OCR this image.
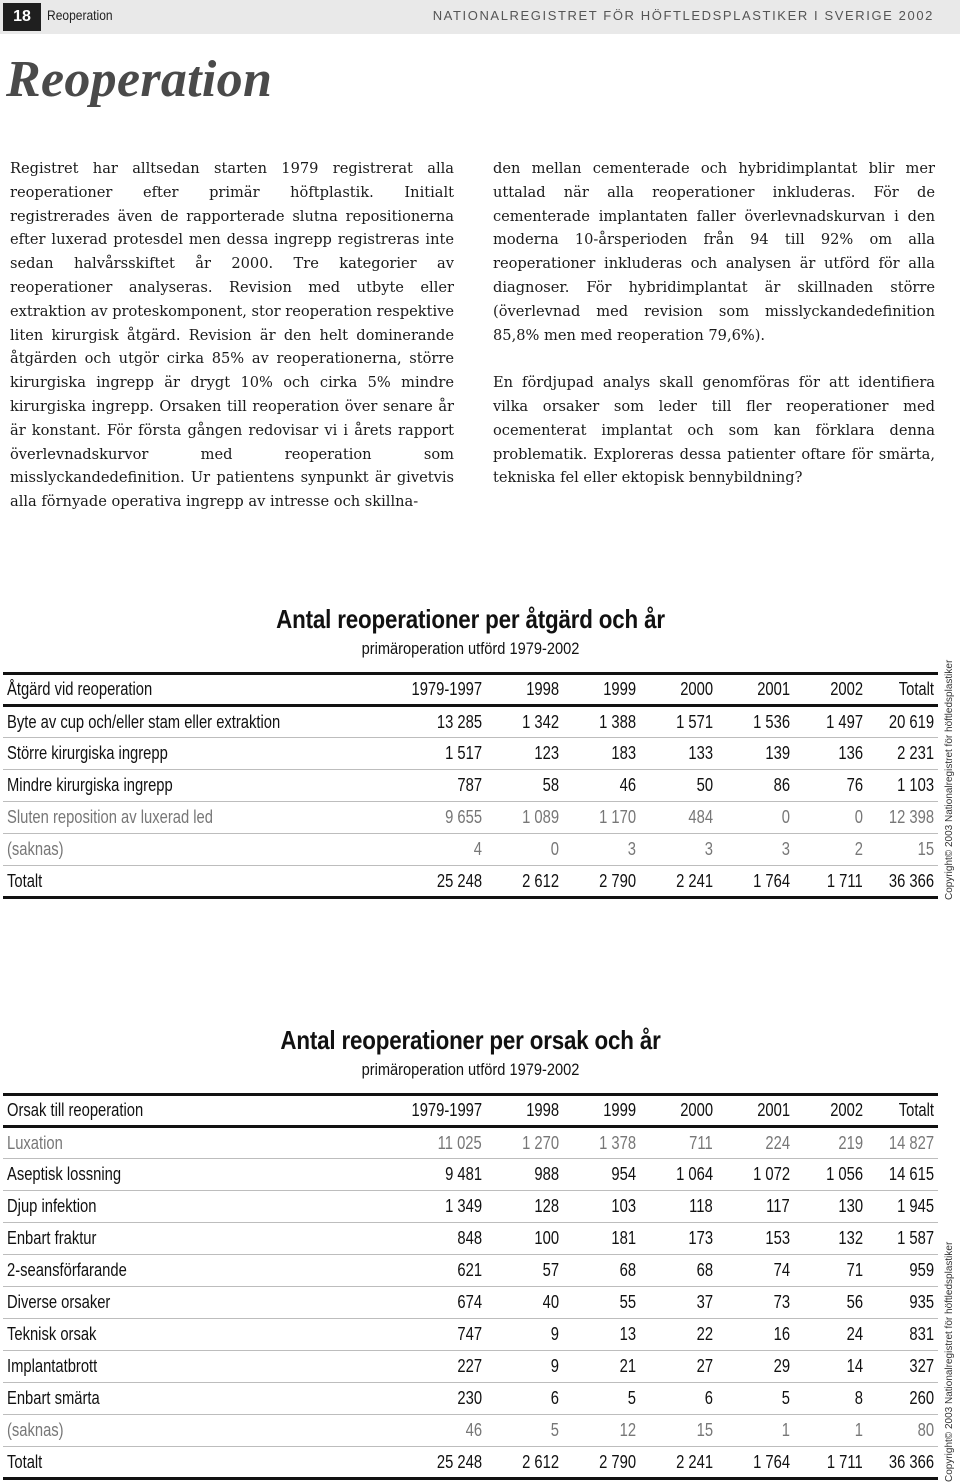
18	Reoperation	NATIONALREGISTRET FÖR HÖFTLEDSPLASTIKER I SVERIGE 2002
Reoperation

Registret har alltsedan starten 1979 registrerat alla reoperationer efter primär höftplastik. Initialt registrerades även de rapporterade slutna repositionerna efter luxerad protesdel men dessa ingrepp registreras inte sedan halvårsskiftet år 2000. Tre kategorier av reoperationer analyseras. Revision med utbyte eller extraktion av proteskomponent, stor reoperation respektive liten kirurgisk åtgärd. Revision är den helt dominerande åtgärden och utgör cirka 85% av reoperationerna, större kirurgiska ingrepp är drygt 10% och cirka 5% mindre kirurgiska ingrepp. Orsaken till reoperation över senare år är konstant. För första gången redovisar vi i årets rapport överlevnadskurvor med reoperation som misslyckandedefinition. Ur patientens synpunkt är givetvis alla förnyade operativa ingrepp av intresse och skillna-

den mellan cementerade och hybridimplantat blir mer uttalad när alla reoperationer inkluderas. För de cementerade implantaten faller överlevnadskurvan i den moderna 10-årsperioden från 94 till 92% om alla reoperationer inkluderas och analysen är utförd för alla diagnoser. För hybridimplantat är skillnaden större (överlevnad med revision som misslyckandedefinition 85,8% men med reoperation 79,6%).

En fördjupad analys skall genomföras för att identifiera vilka orsaker som leder till fler reoperationer med ocementerat implantat och som kan förklara denna problematik. Exploreras dessa patienter oftare för smärta, tekniska fel eller ektopisk bennybildning?

Antal reoperationer per åtgärd och år
primäroperation utförd 1979-2002
Åtgärd vid reoperation	1979-1997	1998	1999	2000	2001	2002	Totalt
Byte av cup och/eller stam eller extraktion	13 285	1 342	1 388	1 571	1 536	1 497	20 619
Större kirurgiska ingrepp	1 517	123	183	133	139	136	2 231
Mindre kirurgiska ingrepp	787	58	46	50	86	76	1 103
Sluten reposition av luxerad led	9 655	1 089	1 170	484	0	0	12 398
(saknas)	4	0	3	3	3	2	15
Totalt	25 248	2 612	2 790	2 241	1 764	1 711	36 366
Antal reoperationer per orsak och år
primäroperation utförd 1979-2002
Orsak till reoperation	1979-1997	1998	1999	2000	2001	2002	Totalt
Luxation	11 025	1 270	1 378	711	224	219	14 827
Aseptisk lossning	9 481	988	954	1 064	1 072	1 056	14 615
Djup infektion	1 349	128	103	118	117	130	1 945
Enbart fraktur	848	100	181	173	153	132	1 587
2-seansförfarande	621	57	68	68	74	71	959
Diverse orsaker	674	40	55	37	73	56	935
Teknisk orsak	747	9	13	22	16	24	831
Implantatbrott	227	9	21	27	29	14	327
Enbart smärta	230	6	5	6	5	8	260
(saknas)	46	5	12	15	1	1	80
Totalt	25 248	2 612	2 790	2 241	1 764	1 711	36 366
Copyright© 2003 Nationalregistret för höftledsplastiker
Copyright© 2003 Nationalregistret för höftledsplastiker
